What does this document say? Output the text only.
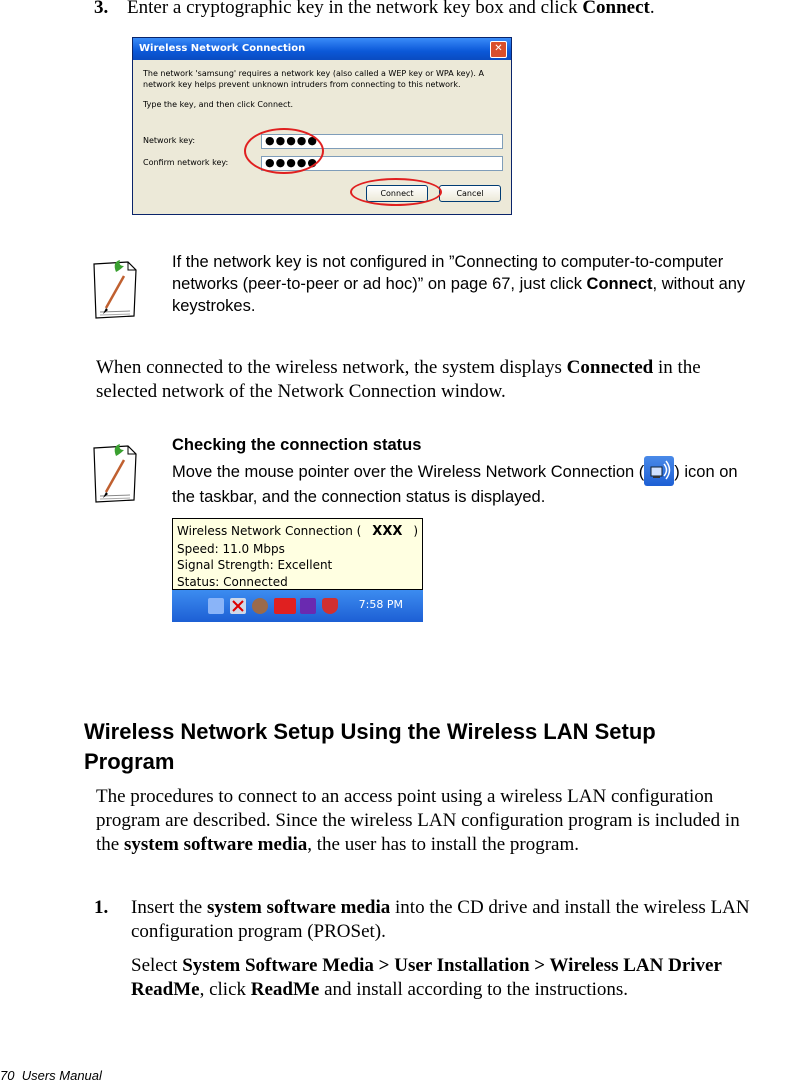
3. Enter a cryptographic key in the network key box and click Connect.
Wireless Network Connection	✕
The network 'samsung' requires a network key (also called a WEP key or WPA key). A
network key helps prevent unknown intruders from connecting to this network.
Type the key, and then click Connect.
Network key:	●●●●●
Confirm network key:	●●●●●
Connect	Cancel
If the network key is not configured in ”Connecting to computer-to-computer
networks (peer-to-peer or ad hoc)” on page 67, just click Connect, without any
keystrokes.
When connected to the wireless network, the system displays Connected in the
selected network of the Network Connection window.
Checking the connection status
Move the mouse pointer over the Wireless Network Connection ( ) icon on
the taskbar, and the connection status is displayed.
Wireless Network Connection ( XXX )
Speed: 11.0 Mbps
Signal Strength: Excellent
Status: Connected
7:58 PM
Wireless Network Setup Using the Wireless LAN Setup
Program
The procedures to connect to an access point using a wireless LAN configuration
program are described. Since the wireless LAN configuration program is included in
the system software media, the user has to install the program.
1. Insert the system software media into the CD drive and install the wireless LAN
configuration program (PROSet).
Select System Software Media > User Installation > Wireless LAN Driver
ReadMe, click ReadMe and install according to the instructions.
70 Users Manual
